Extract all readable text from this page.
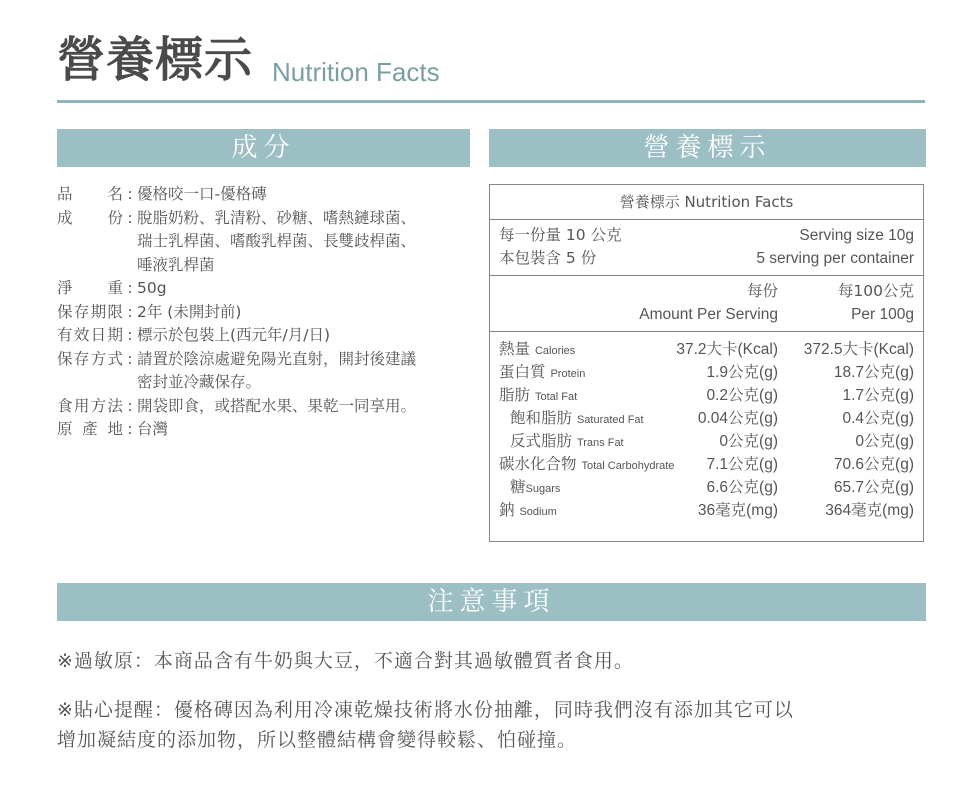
營養標示 Nutrition Facts
成分	營養標示
品名 : 優格咬一口-優格磚
成份 : 脫脂奶粉、乳清粉、砂糖、嗜熱鏈球菌、
瑞士乳桿菌、嗜酸乳桿菌、長雙歧桿菌、
唾液乳桿菌
淨重 : 50g
保存期限 : 2年 (未開封前)
有效日期 : 標示於包裝上(西元年/月/日)
保存方式 : 請置於陰涼處避免陽光直射，開封後建議
密封並冷藏保存。
食用方法 : 開袋即食，或搭配水果、果乾一同享用。
原產地 : 台灣
營養標示 Nutrition Facts
每一份量 10 公克	Serving size 10g
本包裝含 5 份	5 serving per container
每份	每100公克
Amount Per Serving	Per 100g
熱量 Calories	37.2大卡(Kcal) 372.5大卡(Kcal)
蛋白質 Protein	1.9公克(g)	18.7公克(g)
脂肪 Total Fat	0.2公克(g)	1.7公克(g)
飽和脂肪 Saturated Fat	0.04公克(g)	0.4公克(g)
反式脂肪 Trans Fat	0公克(g)	0公克(g)
碳水化合物 Total Carbohydrate 7.1公克(g)	70.6公克(g)
糖Sugars	6.6公克(g)	65.7公克(g)
鈉 Sodium	36毫克(mg)	364毫克(mg)
注意事項
※過敏原：本商品含有牛奶與大豆，不適合對其過敏體質者食用。
※貼心提醒：優格磚因為利用冷凍乾燥技術將水份抽離，同時我們沒有添加其它可以
增加凝結度的添加物，所以整體結構會變得較鬆、怕碰撞。
